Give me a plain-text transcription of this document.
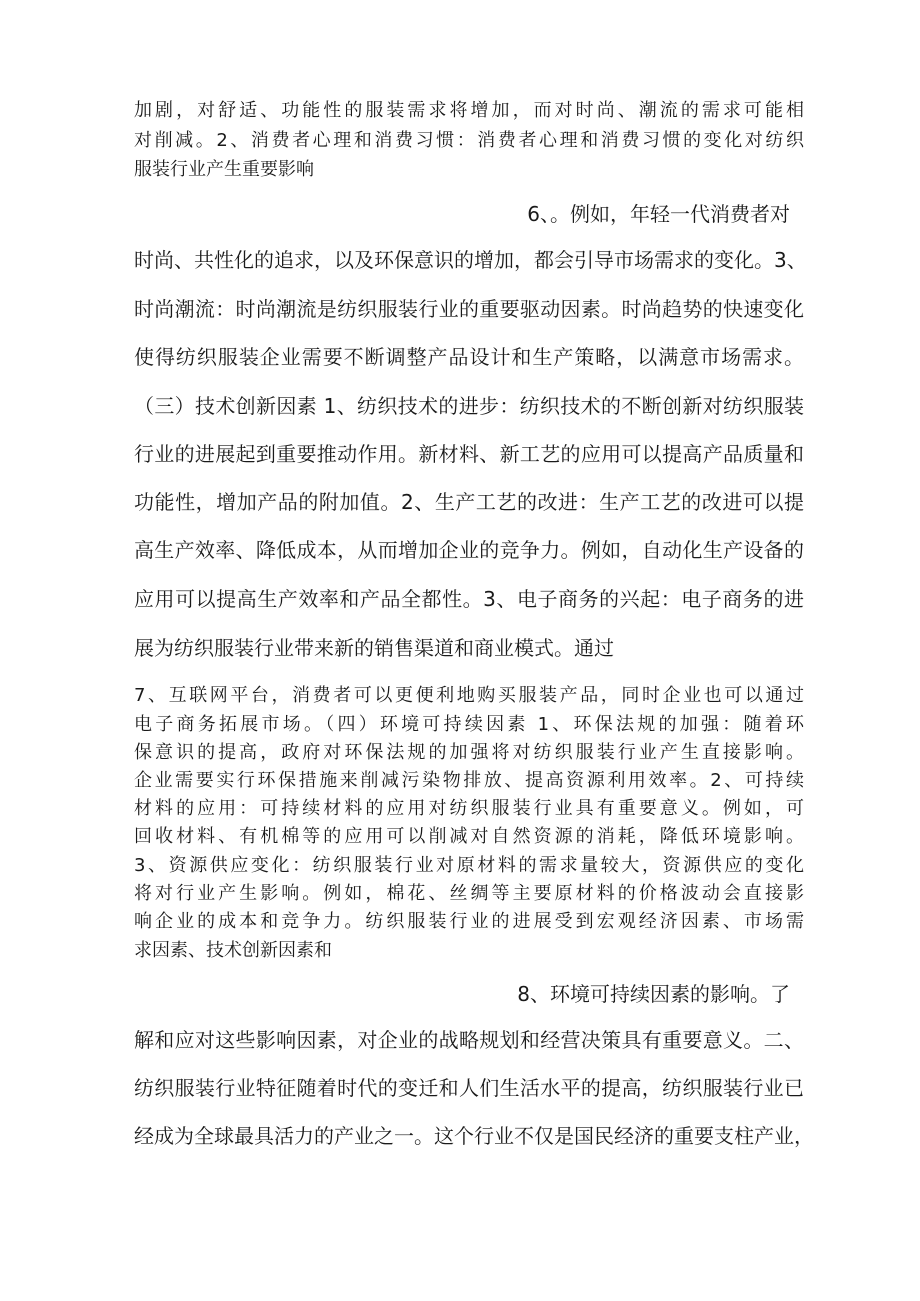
加剧，对舒适、功能性的服装需求将增加，而对时尚、潮流的需求可能相
对削减。2、消费者心理和消费习惯：消费者心理和消费习惯的变化对纺织
服装行业产生重要影响
6、。例如，年轻一代消费者对
时尚、共性化的追求，以及环保意识的增加，都会引导市场需求的变化。3、
时尚潮流：时尚潮流是纺织服装行业的重要驱动因素。时尚趋势的快速变化
使得纺织服装企业需要不断调整产品设计和生产策略，以满意市场需求。
（三）技术创新因素 1、纺织技术的进步：纺织技术的不断创新对纺织服装
行业的进展起到重要推动作用。新材料、新工艺的应用可以提高产品质量和
功能性，增加产品的附加值。2、生产工艺的改进：生产工艺的改进可以提
高生产效率、降低成本，从而增加企业的竞争力。例如，自动化生产设备的
应用可以提高生产效率和产品全都性。3、电子商务的兴起：电子商务的进
展为纺织服装行业带来新的销售渠道和商业模式。通过
7、互联网平台，消费者可以更便利地购买服装产品，同时企业也可以通过
电子商务拓展市场。（四）环境可持续因素 1、环保法规的加强：随着环
保意识的提高，政府对环保法规的加强将对纺织服装行业产生直接影响。
企业需要实行环保措施来削减污染物排放、提高资源利用效率。2、可持续
材料的应用：可持续材料的应用对纺织服装行业具有重要意义。例如，可
回收材料、有机棉等的应用可以削减对自然资源的消耗，降低环境影响。
3、资源供应变化：纺织服装行业对原材料的需求量较大，资源供应的变化
将对行业产生影响。例如，棉花、丝绸等主要原材料的价格波动会直接影
响企业的成本和竞争力。纺织服装行业的进展受到宏观经济因素、市场需
求因素、技术创新因素和
8、环境可持续因素的影响。了
解和应对这些影响因素，对企业的战略规划和经营决策具有重要意义。二、
纺织服装行业特征随着时代的变迁和人们生活水平的提高，纺织服装行业已
经成为全球最具活力的产业之一。这个行业不仅是国民经济的重要支柱产业，
